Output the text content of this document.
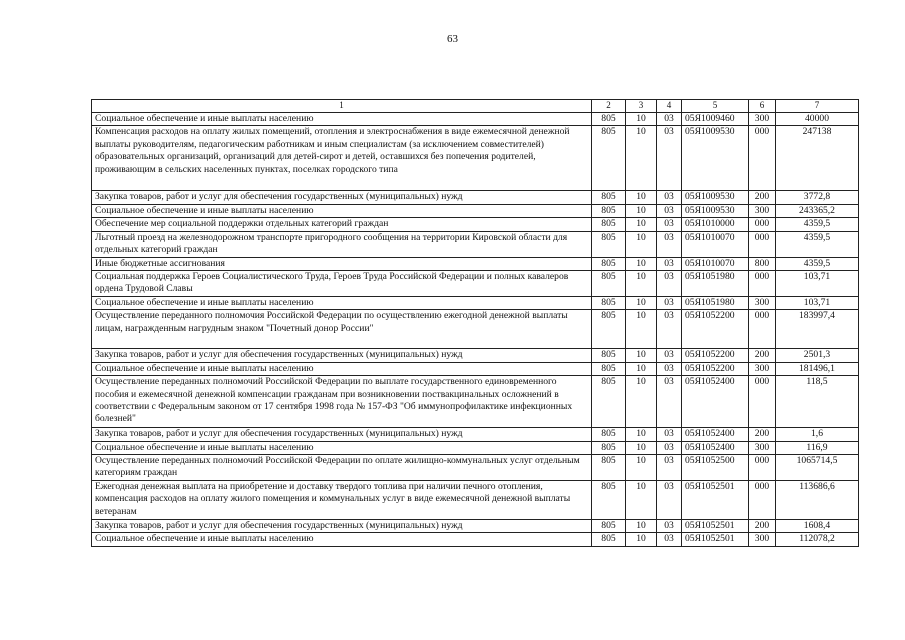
63
1	2	3	4	5	6	7
Социальное обеспечение и иные выплаты населению	805	10	03	05Я1009460	300	40000
Компенсация расходов на оплату жилых помещений, отопления и электроснабжения в виде ежемесячной денежной выплаты руководителям, педагогическим работникам и иным специалистам (за исключением совместителей) образовательных организаций, организаций для детей-сирот и детей, оставшихся без попечения родителей, проживающим в сельских населенных пунктах, поселках городского типа	805	10	03	05Я1009530	000	247138
Закупка товаров, работ и услуг для обеспечения государственных (муниципальных) нужд	805	10	03	05Я1009530	200	3772,8
Социальное обеспечение и иные выплаты населению	805	10	03	05Я1009530	300	243365,2
Обеспечение мер социальной поддержки отдельных категорий граждан	805	10	03	05Я1010000	000	4359,5
Льготный проезд на железнодорожном транспорте пригородного сообщения на территории Кировской области для отдельных категорий граждан	805	10	03	05Я1010070	000	4359,5
Иные бюджетные ассигнования	805	10	03	05Я1010070	800	4359,5
Социальная поддержка Героев Социалистического Труда, Героев Труда Российской Федерации и полных кавалеров ордена Трудовой Славы	805	10	03	05Я1051980	000	103,71
Социальное обеспечение и иные выплаты населению	805	10	03	05Я1051980	300	103,71
Осуществление переданного полномочия Российской Федерации по осуществлению ежегодной денежной выплаты лицам, награжденным нагрудным знаком "Почетный донор России"	805	10	03	05Я1052200	000	183997,4
Закупка товаров, работ и услуг для обеспечения государственных (муниципальных) нужд	805	10	03	05Я1052200	200	2501,3
Социальное обеспечение и иные выплаты населению	805	10	03	05Я1052200	300	181496,1
Осуществление переданных полномочий Российской Федерации по выплате государственного единовременного пособия и ежемесячной денежной компенсации гражданам при возникновении поствакцинальных осложнений в соответствии с Федеральным законом от 17 сентября 1998 года № 157-ФЗ "Об иммунопрофилактике инфекционных болезней"	805	10	03	05Я1052400	000	118,5
Закупка товаров, работ и услуг для обеспечения государственных (муниципальных) нужд	805	10	03	05Я1052400	200	1,6
Социальное обеспечение и иные выплаты населению	805	10	03	05Я1052400	300	116,9
Осуществление переданных полномочий Российской Федерации по оплате жилищно-коммунальных услуг отдельным категориям граждан	805	10	03	05Я1052500	000	1065714,5
Ежегодная денежная выплата на приобретение и доставку твердого топлива при наличии печного отопления, компенсация расходов на оплату жилого помещения и коммунальных услуг в виде ежемесячной денежной выплаты ветеранам	805	10	03	05Я1052501	000	113686,6
Закупка товаров, работ и услуг для обеспечения государственных (муниципальных) нужд	805	10	03	05Я1052501	200	1608,4
Социальное обеспечение и иные выплаты населению	805	10	03	05Я1052501	300	112078,2
